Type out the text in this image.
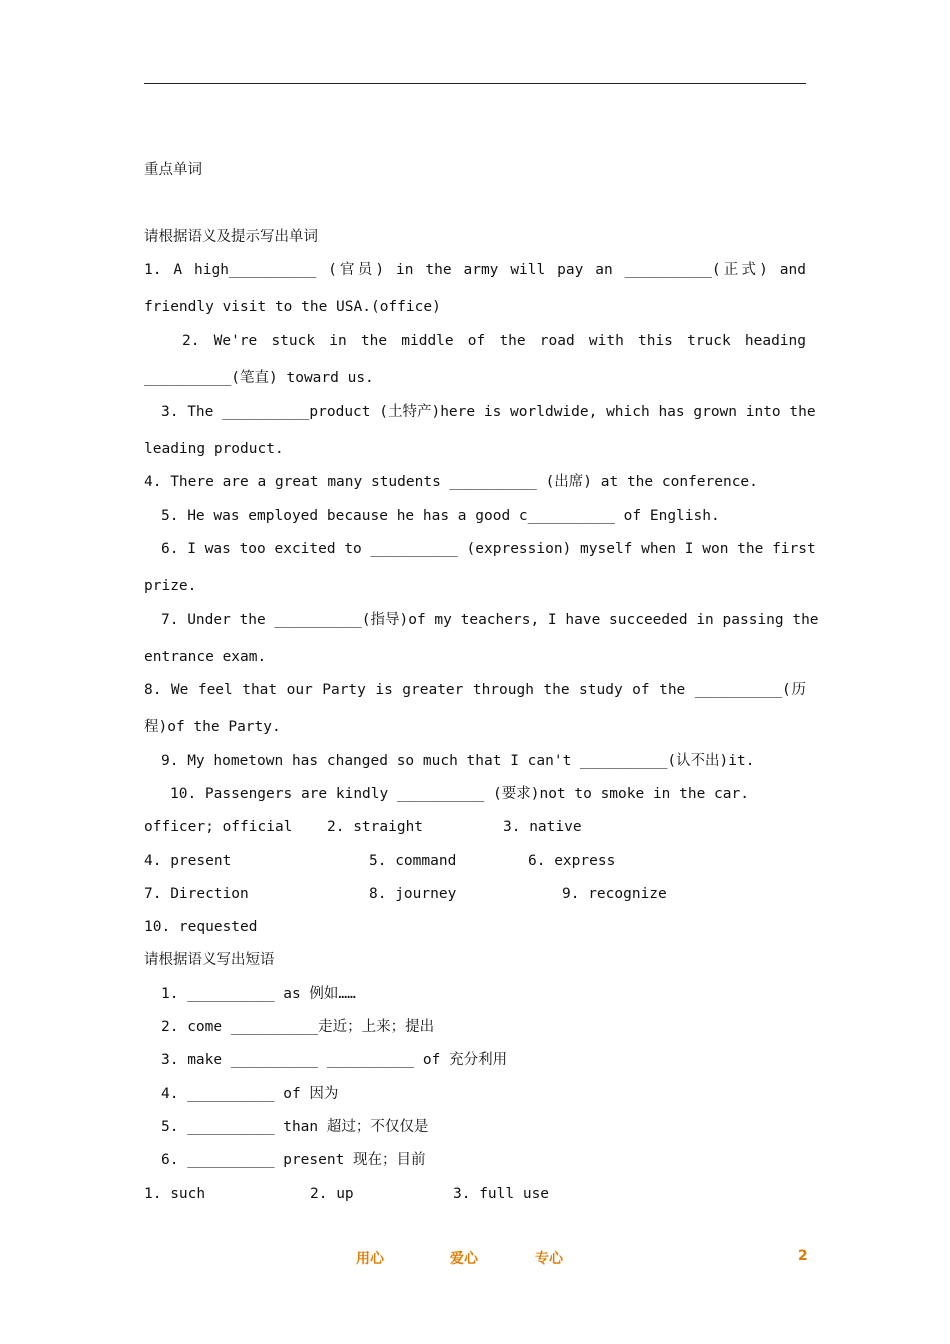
重点单词
请根据语义及提示写出单词
1. A high__________ (官员) in the army will pay an __________(正式) and
friendly visit to the USA.(office)
2. We're stuck in the middle of the road with this truck heading
__________(笔直) toward us.
3. The __________product (土特产)here is worldwide, which has grown into the
leading product.
4. There are a great many students __________ (出席) at the conference.
5. He was employed because he has a good c__________ of English.
6. I was too excited to __________ (expression) myself when I won the first
prize.
7. Under the __________(指导)of my teachers, I have succeeded in passing the
entrance exam.
8. We feel that our Party is greater through the study of the __________(历
程)of the Party.
9. My hometown has changed so much that I can't __________(认不出)it.
10. Passengers are kindly __________ (要求)not to smoke in the car.
officer; official	2. straight	3. native
4. present	5. command	6. express
7. Direction	8. journey	9. recognize
10. requested
请根据语义写出短语
1. __________ as 例如……
2. come __________走近；上来；提出
3. make __________ __________ of 充分利用
4. __________ of 因为
5. __________ than 超过；不仅仅是
6. __________ present 现在；目前
1. such	2. up	3. full use
用心	爱心	专心	2
